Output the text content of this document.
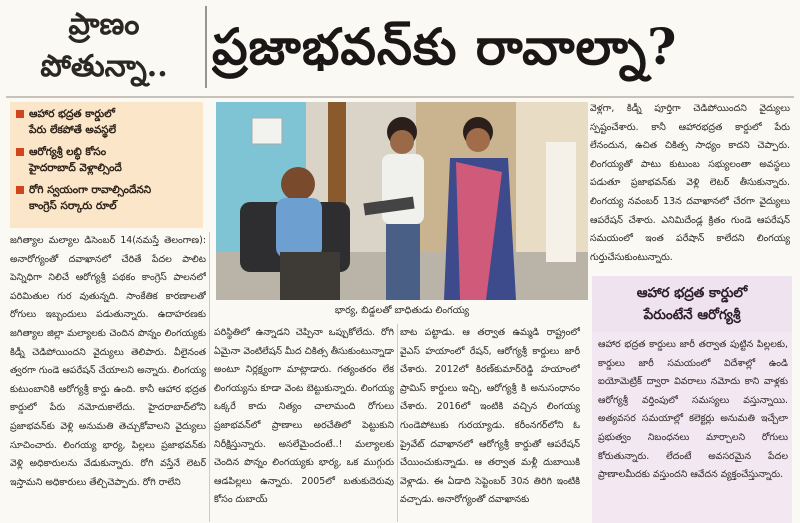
ప్రాణం
పోతున్నా.. ప్రజాభవన్‌కు రావాల్నా?
ఆహార భద్రత కార్డులో
పేరు లేకపోతే అవస్థలే
ఆరోగ్యశ్రీ లబ్ధి కోసం
హైదరాబాద్ వెళ్లాల్సిందే
రోగి స్వయంగా రావాల్సిందేనని
కాంగ్రెస్ సర్కారు రూల్

జగిత్యాల మల్యాల డిసెంబర్ 14(నమస్తే తెలంగాణ): అనారోగ్యంతో దవాఖానలో చేరితే పేదల పాలిట పెన్నిధిగా నిలిచే ఆరోగ్యశ్రీ పథకం కాంగ్రెస్ పాలనలో పరిమితుల గుర వుతున్నది. సాంకేతిక కారణాలతో రోగులు ఇబ్బందులు పడుతున్నారు. ఉదాహరణకు జగిత్యాల జిల్లా మల్యాలకు చెందిన పొన్నం లింగయ్యకు కిడ్నీ చెడిపోయిందని వైద్యులు తెలిపారు. వీలైనంత త్వరగా గుండె ఆపరేషన్ చేయాలని అన్నారు. లింగయ్య కుటుంబానికి ఆరోగ్యశ్రీ కార్డు ఉంది. కానీ ఆహార భద్రత కార్డులో పేరు నమోదుకాలేదు. హైదరాబాద్‌లోని ప్రజాభవన్‌కు వెళ్లి అనుమతి తెచ్చుకోవాలని వైద్యులు సూచించారు. లింగయ్య భార్య, పిల్లలు ప్రజాభవన్‌కు వెళ్లి అధికారులను వేడుకున్నారు. రోగి వస్తేనే లెటర్ ఇస్తామని అధికారులు తేల్చిచెప్పారు. రోగి రాలేని

భార్య, బిడ్డలతో బాధితుడు లింగయ్య

పరిస్థితిలో ఉన్నాడని చెప్పినా ఒప్పుకోలేదు. రోగి ఏమైనా వెంటిలేషన్ మీద చికిత్స తీసుకుంటున్నాడా అంటూ నిర్లక్ష్యంగా మాట్లాడారు. గత్యంతరం లేక లింగయ్యను కూడా వెంట బెట్టుకున్నారు. లింగయ్య ఒక్కరే కాదు నిత్యం చాలామంది రోగులు ప్రజాభవన్‌లో ప్రాణాలు అరచేతిలో పెట్టుకుని నిరీక్షిస్తున్నారు. అసలేమైందంటే..! మల్యాలకు చెందిన పొన్నం లింగయ్యకు భార్య, ఒక ముగ్గురు ఆడపిల్లలు ఉన్నారు. 2005లో బతుకుదెరువు కోసం దుబాయ్

బాట పట్టాడు. ఆ తర్వాత ఉమ్మడి రాష్ట్రంలో వైఎస్ హయాంలో రేషన్, ఆరోగ్యశ్రీ కార్డులు జారీ చేశారు. 2012లో కిరణ్‌కుమార్‌రెడ్డి హయాంలో ప్రామిస్ కార్డులు ఇచ్చి, ఆరోగ్యశ్రీ కి అనుసంధానం చేశారు. 2016లో ఇంటికి వచ్చిన లింగయ్య గుండెపోటుకు గురయ్యాడు. కరీంనగర్‌లోని ఓ ప్రైవేట్ దవాఖానలో ఆరోగ్యశ్రీ కార్డుతో ఆపరేషన్ చేయించుకున్నాడు. ఆ తర్వాత మళ్లీ దుబాయికి వెళ్లాడు. ఈ ఏడాది సెప్టెంబర్ 30న తిరిగి ఇంటికి వచ్చాడు. అనారోగ్యంతో దవాఖానకు

వెళ్లగా, కిడ్నీ పూర్తిగా చెడిపోయిందని వైద్యులు స్పష్టంచేశారు. కానీ ఆహారభద్రత కార్డులో పేరు లేనందున, ఉచిత చికిత్స సాధ్యం కాదని చెప్పారు. లింగయ్యతో పాటు కుటుంబ సభ్యులంతా అవస్థలు పడుతూ ప్రజాభవన్‌కు వెళ్లి లెటర్ తీసుకున్నారు. లింగయ్య నవంబర్ 13న దవాఖానలో చేరగా వైద్యులు ఆపరేషన్ చేశారు. ఎనిమిదేండ్ల క్రితం గుండె ఆపరేషన్ సమయంలో ఇంత పరేషాన్ కాలేదని లింగయ్య గుర్తుచేసుకుంటున్నారు.

ఆహార భద్రత కార్డులో
పేరుంటేనే ఆరోగ్యశ్రీ

ఆహార భద్రత కార్డులు జారీ తర్వాత పుట్టిన పిల్లలకు, కార్డులు జారీ సమయంలో విదేశాల్లో ఉండి ఐయోమెట్రిక్ ద్వారా వివరాలు నమోదు కాని వాళ్లకు ఆరోగ్యశ్రీ వర్తింపులో సమస్యలు వస్తున్నాయి. అత్యవసర సమయాల్లో కలెక్టర్లు అనుమతి ఇచ్చేలా ప్రభుత్వం నిబంధనలు మార్చాలని రోగులు కోరుతున్నారు. లేదంటే అవసరమైన పేదల ప్రాణాలమీదకు వస్తుందని ఆవేదన వ్యక్తంచేస్తున్నారు.
